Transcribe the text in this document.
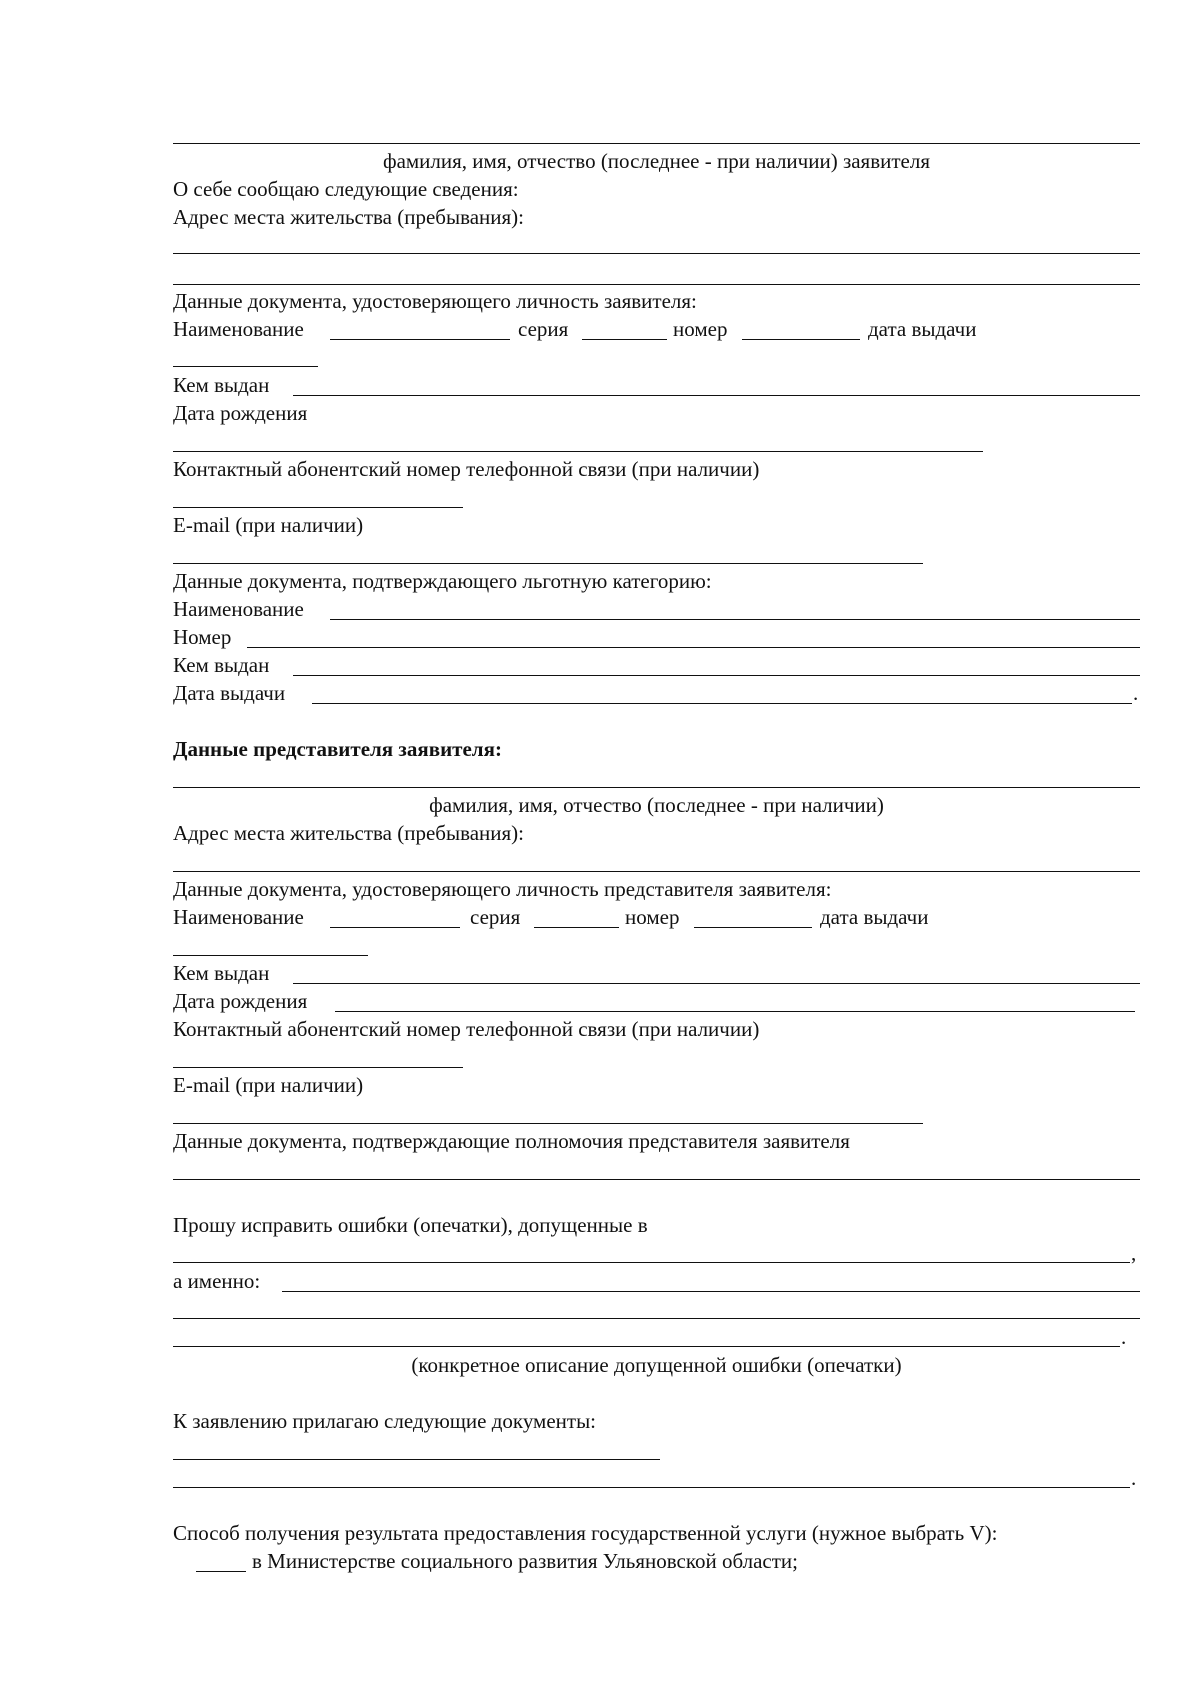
фамилия, имя, отчество (последнее - при наличии) заявителя
О себе сообщаю следующие сведения:
Адрес места жительства (пребывания):
Данные документа, удостоверяющего личность заявителя:
Наименование	серия	номер	дата выдачи
Кем выдан
Дата рождения
Контактный абонентский номер телефонной связи (при наличии)
E-mail (при наличии)
Данные документа, подтверждающего льготную категорию:
Наименование
Номер
Кем выдан
Дата выдачи	.
Данные представителя заявителя:
фамилия, имя, отчество (последнее - при наличии)
Адрес места жительства (пребывания):
Данные документа, удостоверяющего личность представителя заявителя:
Наименование	серия	номер	дата выдачи
Кем выдан
Дата рождения
Контактный абонентский номер телефонной связи (при наличии)
E-mail (при наличии)
Данные документа, подтверждающие полномочия представителя заявителя
Прошу исправить ошибки (опечатки), допущенные в
,
а именно:
.
(конкретное описание допущенной ошибки (опечатки)
К заявлению прилагаю следующие документы:
.
Способ получения результата предоставления государственной услуги (нужное выбрать V):
в Министерстве социального развития Ульяновской области;
